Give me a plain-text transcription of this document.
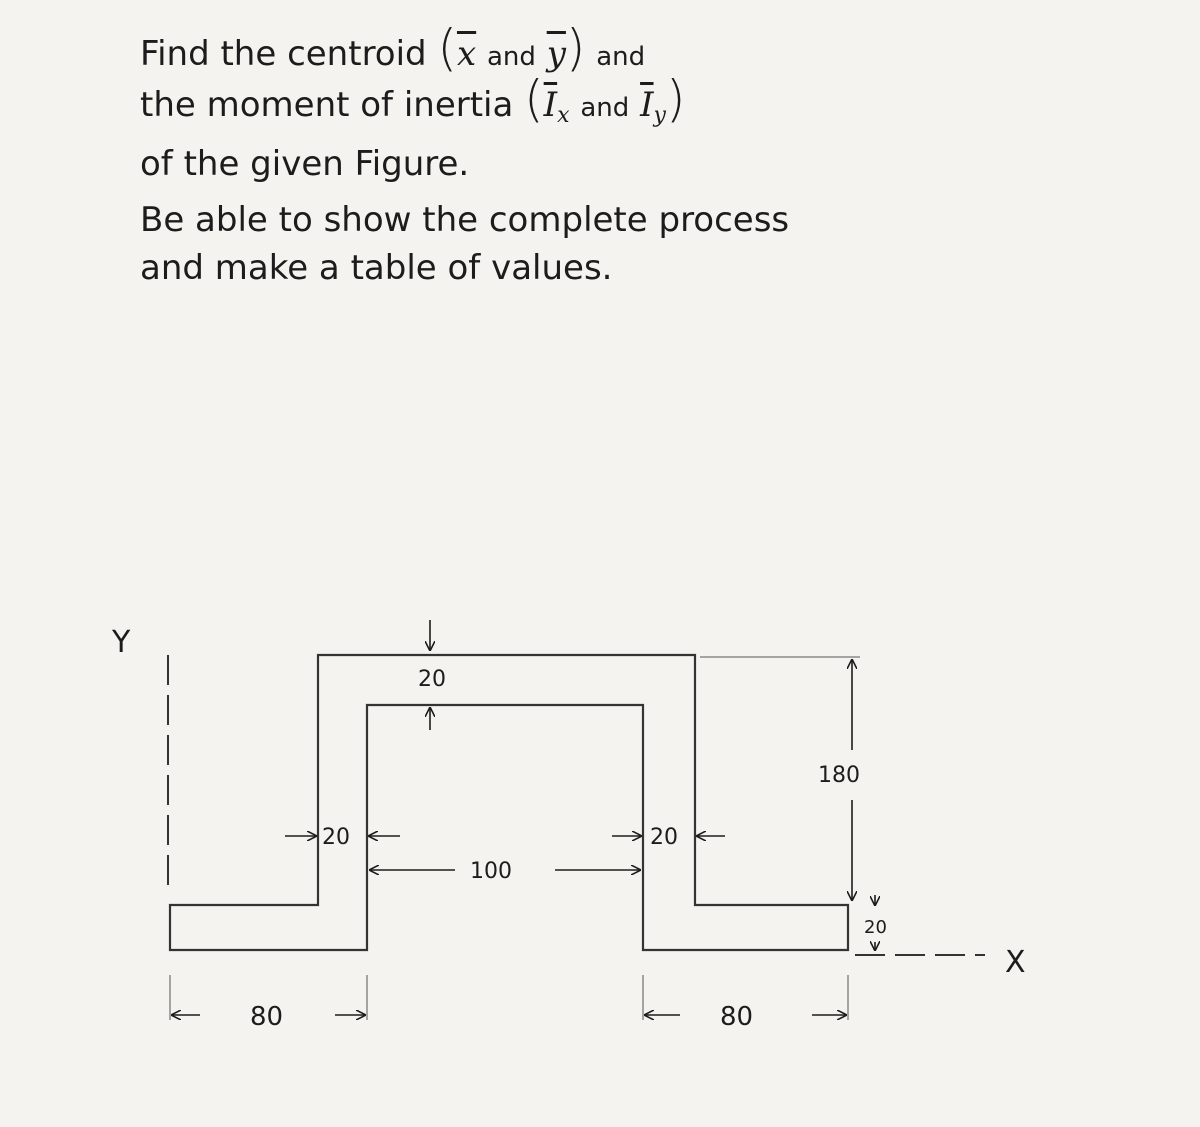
Find the centroid ($\overline{x}$ and $\overline{y}$) and
the moment of inertia ($\overline{I}_x$ and $\overline{I}_y$)
of the given Figure.
Be able to show the complete process
and make a table of values.
20
20	20
100
180
20
80	80
Y
X
